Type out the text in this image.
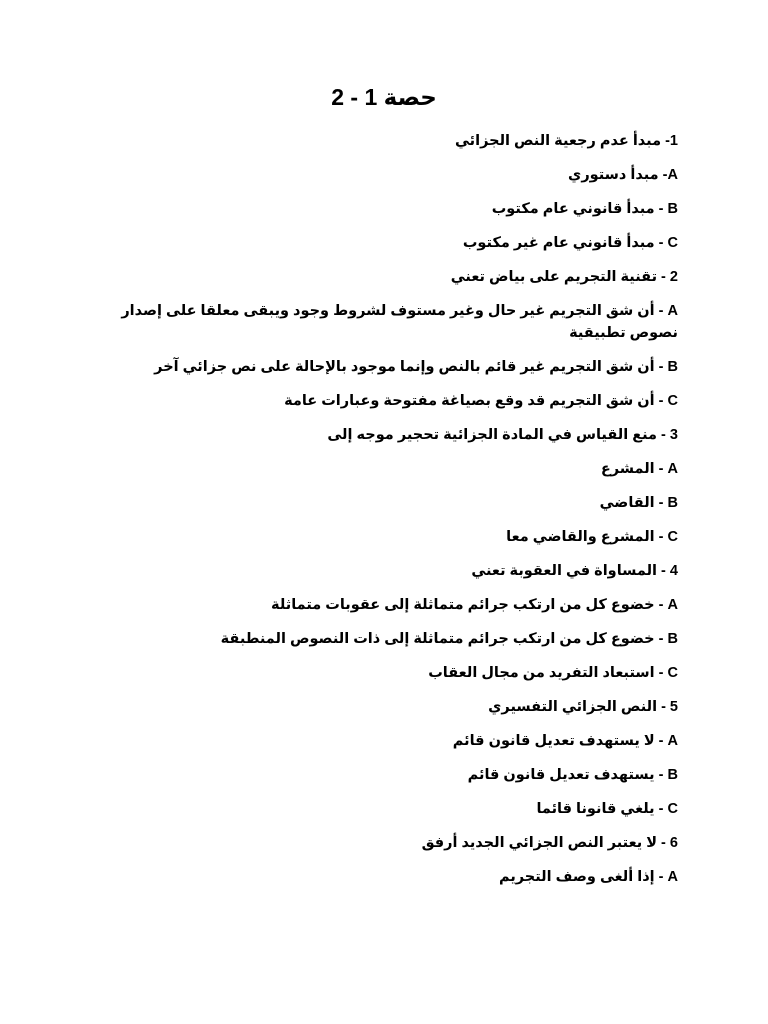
حصة 1 - 2
1- مبدأ عدم رجعية النص الجزائي
A- مبدأ دستوري
B - مبدأ قانوني عام مكتوب
C - مبدأ قانوني عام غير مكتوب
2 - تقنية التجريم على بياض تعني
A - أن شق التجريم غير حال وغير مستوف لشروط وجود ويبقى معلقا على إصدار نصوص تطبيقية
B - أن شق التجريم غير قائم بالنص وإنما موجود بالإحالة على نص جزائي آخر
C - أن شق التجريم قد وقع بصياغة مفتوحة وعبارات عامة
3 - منع القياس في المادة الجزائية تحجير موجه إلى
A - المشرع
B - القاضي
C - المشرع والقاضي معا
4 - المساواة في العقوبة تعني
A - خضوع كل من ارتكب جرائم متماثلة إلى عقوبات متماثلة
B - خضوع كل من ارتكب جرائم متماثلة إلى ذات النصوص المنطبقة
C - استبعاد التفريد من مجال العقاب
5 - النص الجزائي التفسيري
A - لا يستهدف تعديل قانون قائم
B - يستهدف تعديل قانون قائم
C - يلغي قانونا قائما
6 - لا يعتبر النص الجزائي الجديد أرفق
A - إذا ألغى وصف التجريم
